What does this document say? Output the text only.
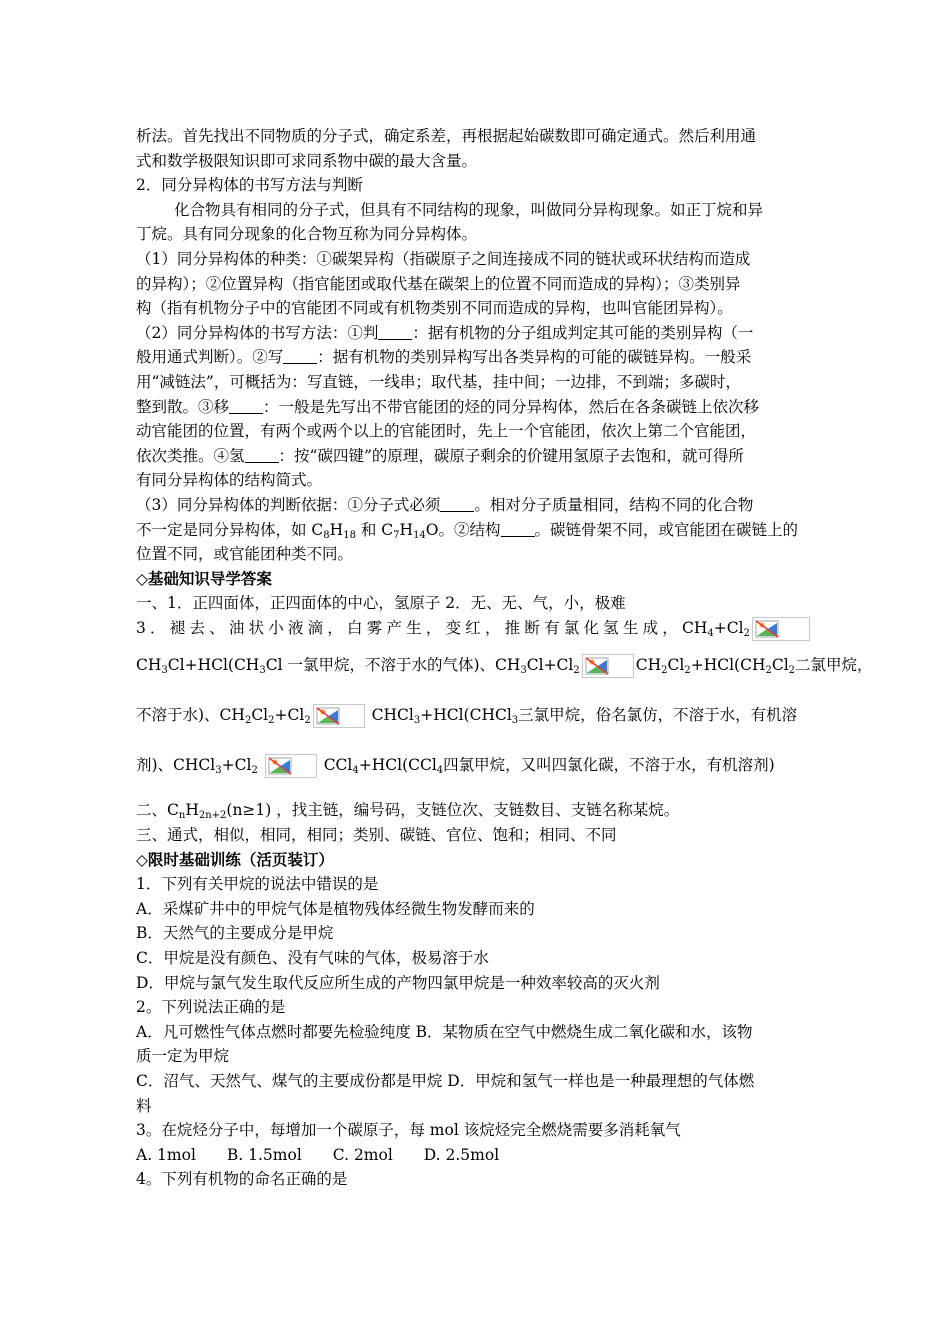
析法。首先找出不同物质的分子式，确定系差，再根据起始碳数即可确定通式。然后利用通
式和数学极限知识即可求同系物中碳的最大含量。
2．同分异构体的书写方法与判断
化合物具有相同的分子式，但具有不同结构的现象，叫做同分异构现象。如正丁烷和异
丁烷。具有同分现象的化合物互称为同分异构体。
（1）同分异构体的种类：①碳架异构（指碳原子之间连接成不同的链状或环状结构而造成
的异构）；②位置异构（指官能团或取代基在碳架上的位置不同而造成的异构）；③类别异
构（指有机物分子中的官能团不同或有机物类别不同而造成的异构，也叫官能团异构）。
（2）同分异构体的书写方法：①判 ：据有机物的分子组成判定其可能的类别异构（一
般用通式判断）。②写 ：据有机物的类别异构写出各类异构的可能的碳链异构。一般采
用“减链法”，可概括为：写直链，一线串；取代基，挂中间；一边排，不到端；多碳时，
整到散。③移 ：一般是先写出不带官能团的烃的同分异构体，然后在各条碳链上依次移
动官能团的位置，有两个或两个以上的官能团时，先上一个官能团，依次上第二个官能团，
依次类推。④氢 ：按“碳四键”的原理，碳原子剩余的价键用氢原子去饱和，就可得所
有同分异构体的结构简式。
（3）同分异构体的判断依据：①分子式必须 。相对分子质量相同，结构不同的化合物
不一定是同分异构体，如 $C_8H_{18}$ 和 $C_7H_{14}O$。②结构 。碳链骨架不同，或官能团在碳链上的
位置不同，或官能团种类不同。
◇基础知识导学答案
一、1．正四面体，正四面体的中心，氢原子 2．无、无、气，小，极难
3．褪去、油状小液滴，白雾产生，变红，推断有氯化氢生成，$CH_4+Cl_2$
$CH_3Cl+HCl(CH_3Cl$ 一氯甲烷，不溶于水的气体)、$CH_3Cl+Cl_2$	$CH_2Cl_2+HCl(CH_2Cl_2$二氯甲烷，
不溶于水)、$CH_2Cl_2+Cl_2$	CHCl$_3$+HCl(CHCl$_3$三氯甲烷，俗名氯仿，不溶于水，有机溶
剂)、$CHCl_3+Cl_2$	CCl$_4$+HCl(CCl$_4$四氯甲烷，又叫四氯化碳，不溶于水，有机溶剂)
二、$C_nH_{2n+2}(n\ge 1)$ ，找主链，编号码，支链位次、支链数目、支链名称某烷。
三、通式，相似，相同，相同；类别、碳链、官位、饱和；相同、不同
◇限时基础训练（活页装订）
1．下列有关甲烷的说法中错误的是
A．采煤矿井中的甲烷气体是植物残体经微生物发酵而来的
B．天然气的主要成分是甲烷
C．甲烷是没有颜色、没有气味的气体，极易溶于水
D．甲烷与氯气发生取代反应所生成的产物四氯甲烷是一种效率较高的灭火剂
2。下列说法正确的是
A．凡可燃性气体点燃时都要先检验纯度 B．某物质在空气中燃烧生成二氧化碳和水，该物
质一定为甲烷
C．沼气、天然气、煤气的主要成份都是甲烷 D．甲烷和氢气一样也是一种最理想的气体燃
料
3。在烷烃分子中，每增加一个碳原子，每 mol 该烷烃完全燃烧需要多消耗氧气
A. 1mol　　B. 1.5mol　　C. 2mol　　D. 2.5mol
4。下列有机物的命名正确的是
